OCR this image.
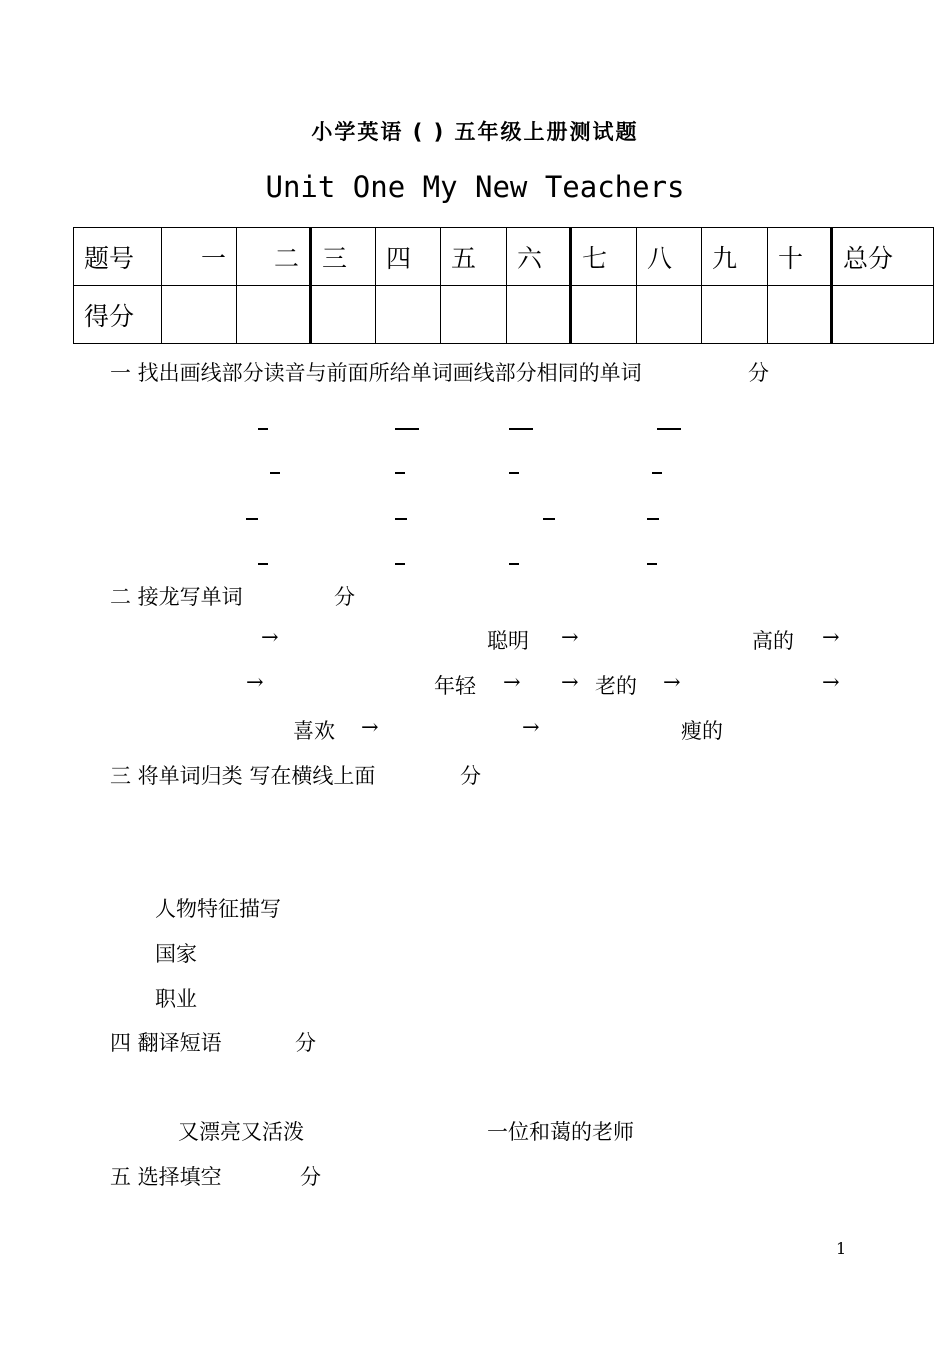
小学英语 ( ) 五年级上册测试题
Unit One My New Teachers
题号	一	二	三	四	五	六	七	八	九	十	总分
得分											
一 找出画线部分读音与前面所给单词画线部分相同的单词	分
二 接龙写单词	分
→	聪明 →	高的 →
→	年轻 → → 老的 →	→
喜欢 →	→	瘦的
三 将单词归类 写在横线上面	分
人物特征描写
国家
职业
四 翻译短语	分
又漂亮又活泼	一位和蔼的老师
五 选择填空	分
1
